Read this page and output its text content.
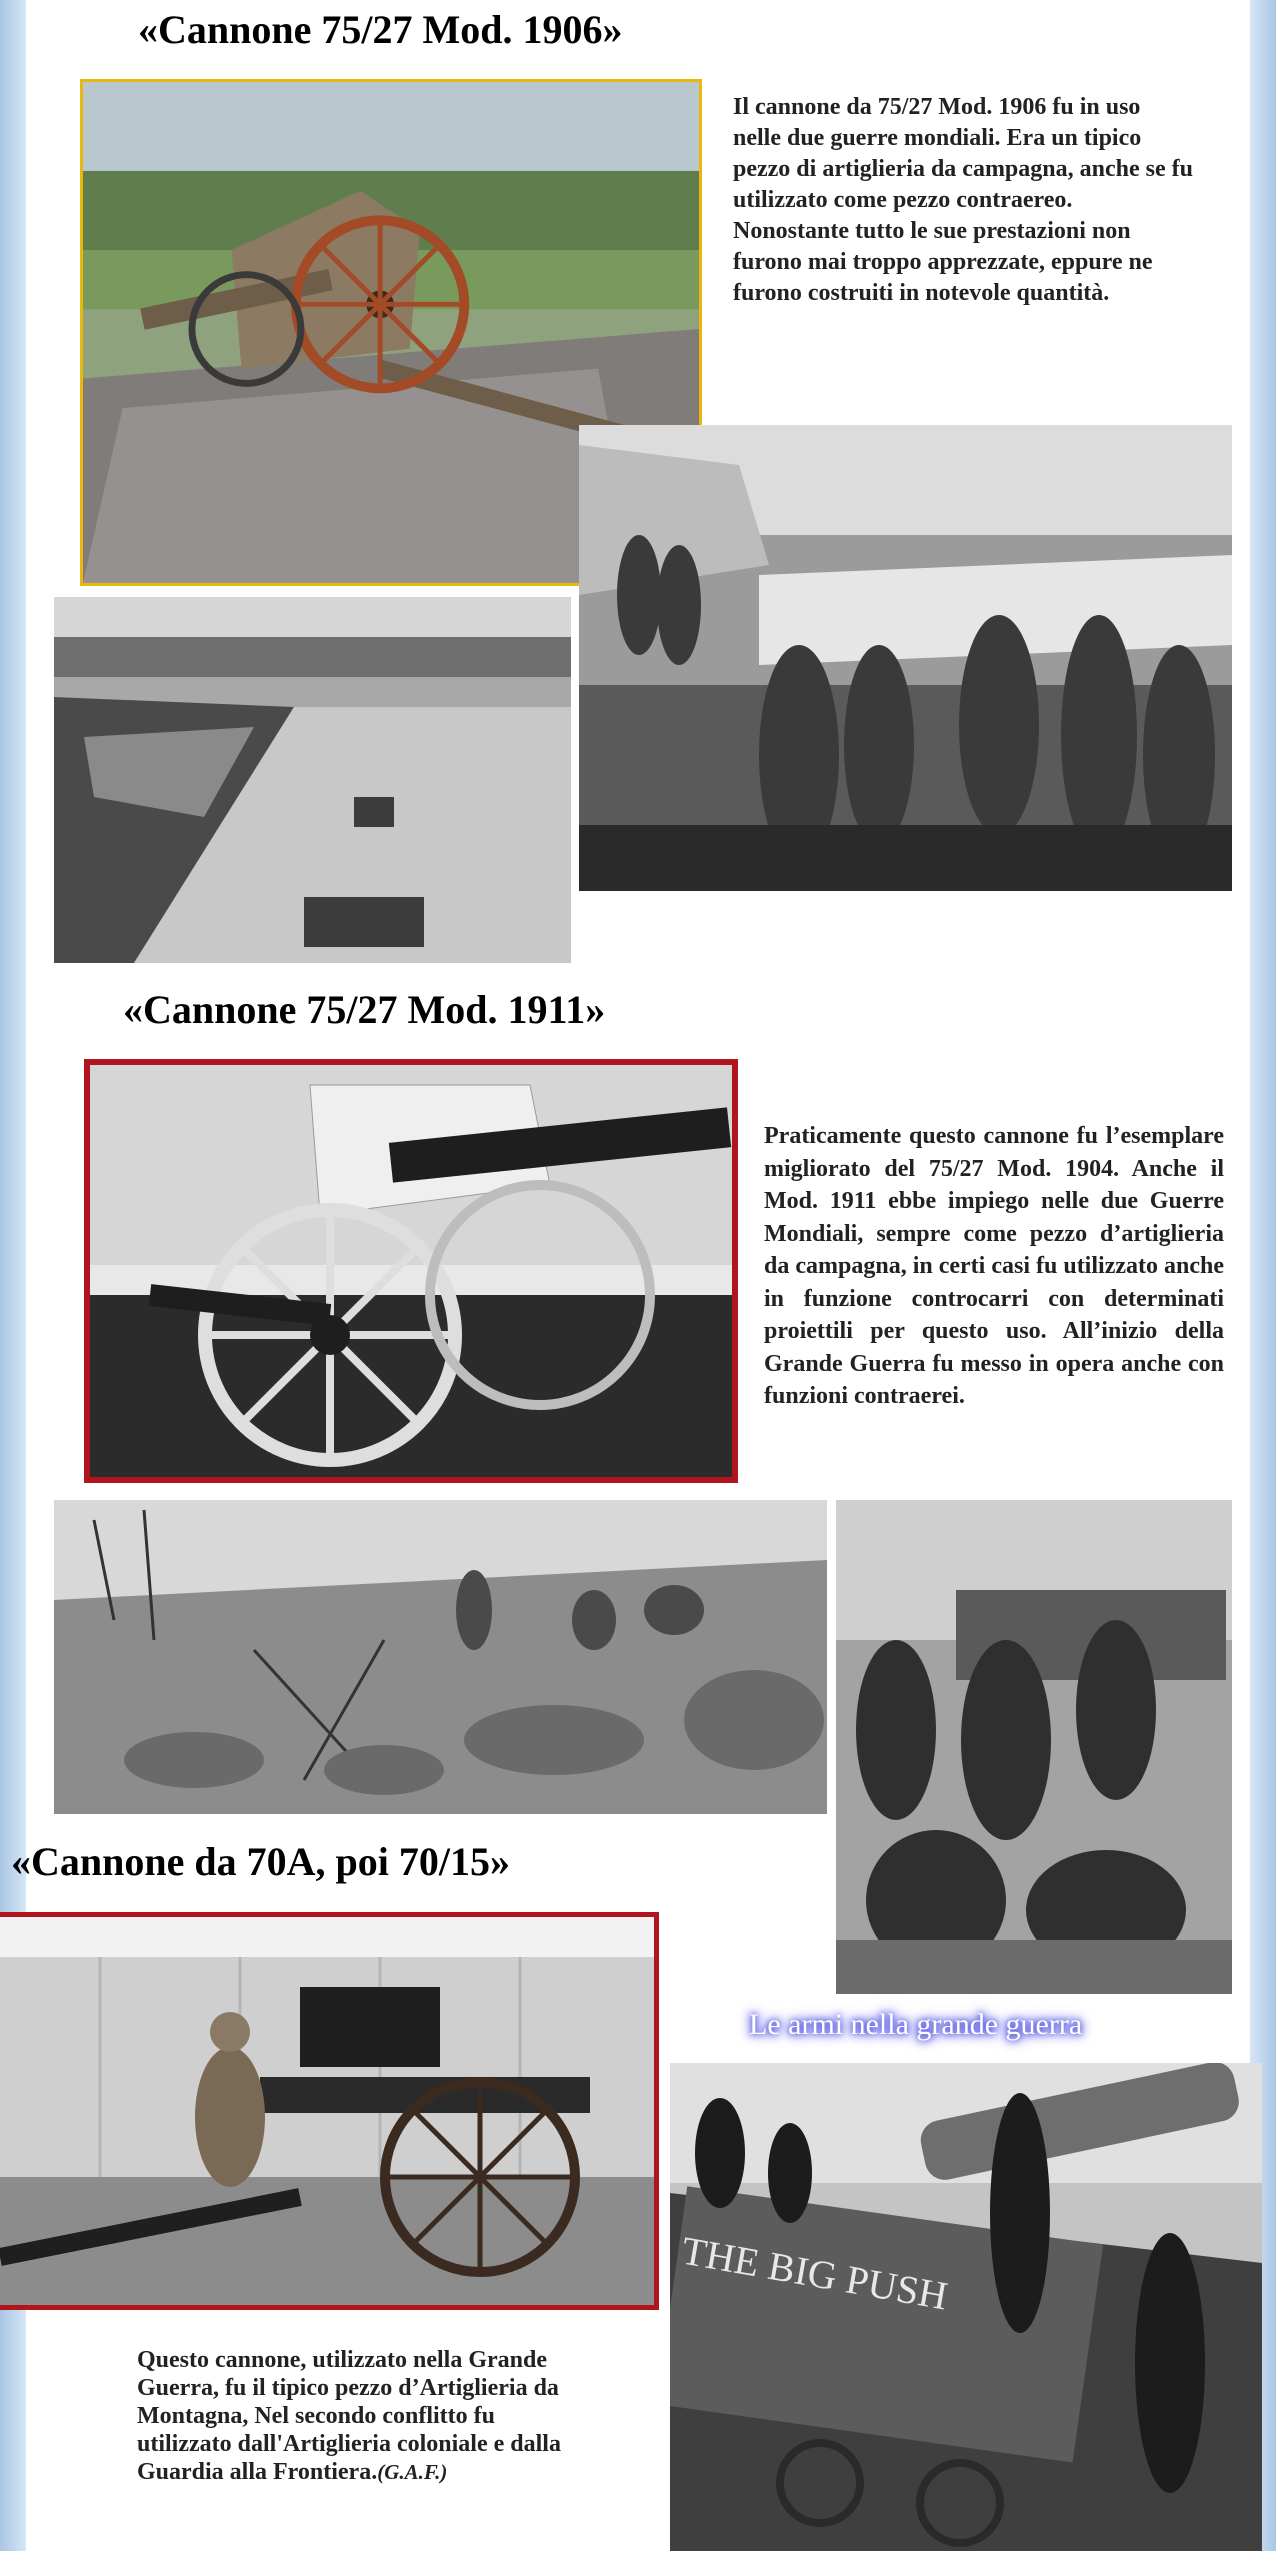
«Cannone 75/27 Mod. 1906»

Il cannone da 75/27 Mod. 1906 fu in uso nelle due guerre mondiali. Era un tipico pezzo di artiglieria da campagna, anche se fu utilizzato come pezzo contraereo. Nonostante tutto le sue prestazioni non furono mai troppo apprezzate, eppure ne furono costruiti in notevole quantità.

«Cannone 75/27 Mod. 1911»

Praticamente questo cannone fu l’esemplare migliorato del 75/27 Mod. 1904. Anche il Mod. 1911 ebbe impiego nelle due Guerre Mondiali, sempre come pezzo d’artiglieria da campagna, in certi casi fu utilizzato anche in funzione controcarri con determinati proiettili per questo uso. All’inizio della Grande Guerra fu messo in opera anche con funzioni contraerei.

«Cannone da 70A, poi 70/15»
Le armi nella grande guerra
THE BIG PUSH

Questo cannone, utilizzato nella Grande Guerra, fu il tipico pezzo d’Artiglieria da Montagna, Nel secondo conflitto fu utilizzato dall'Artiglieria coloniale e dalla Guardia alla Frontiera.(G.A.F.)
